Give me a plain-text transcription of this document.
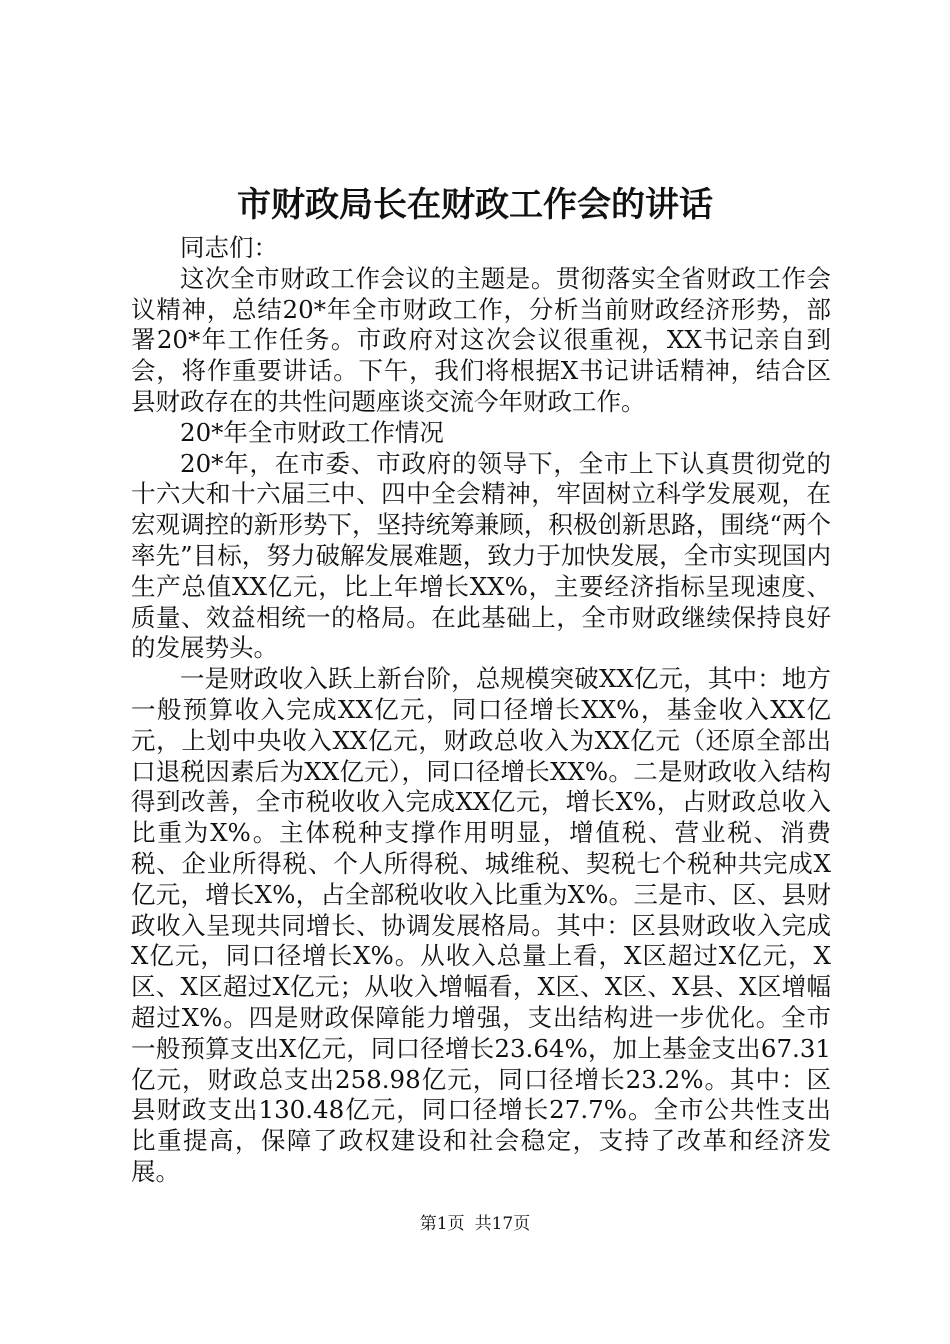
市财政局长在财政工作会的讲话

同志们：

这次全市财政工作会议的主题是。贯彻落实全省财政工作会议精神，总结20*年全市财政工作，分析当前财政经济形势，部署20*年工作任务。市政府对这次会议很重视，XX书记亲自到会，将作重要讲话。下午，我们将根据X书记讲话精神，结合区县财政存在的共性问题座谈交流今年财政工作。

20*年全市财政工作情况

20*年，在市委、市政府的领导下，全市上下认真贯彻党的十六大和十六届三中、四中全会精神，牢固树立科学发展观，在宏观调控的新形势下，坚持统筹兼顾，积极创新思路，围绕“两个率先”目标，努力破解发展难题，致力于加快发展，全市实现国内生产总值XX亿元，比上年增长XX%，主要经济指标呈现速度、质量、效益相统一的格局。在此基础上，全市财政继续保持良好的发展势头。

一是财政收入跃上新台阶，总规模突破XX亿元，其中：地方一般预算收入完成XX亿元，同口径增长XX%，基金收入XX亿元，上划中央收入XX亿元，财政总收入为XX亿元（还原全部出口退税因素后为XX亿元），同口径增长XX%。二是财政收入结构得到改善，全市税收收入完成XX亿元，增长X%，占财政总收入比重为X%。主体税种支撑作用明显，增值税、营业税、消费税、企业所得税、个人所得税、城维税、契税七个税种共完成X亿元，增长X%，占全部税收收入比重为X%。三是市、区、县财政收入呈现共同增长、协调发展格局。其中：区县财政收入完成X亿元，同口径增长X%。从收入总量上看，X区超过X亿元，X区、X区超过X亿元；从收入增幅看，X区、X区、X县、X区增幅超过X%。四是财政保障能力增强，支出结构进一步优化。全市一般预算支出X亿元，同口径增长23.64%，加上基金支出67.31亿元，财政总支出258.98亿元，同口径增长23.2%。其中：区县财政支出130.48亿元，同口径增长27.7%。全市公共性支出比重提高，保障了政权建设和社会稳定，支持了改革和经济发展。

第1页 共17页
